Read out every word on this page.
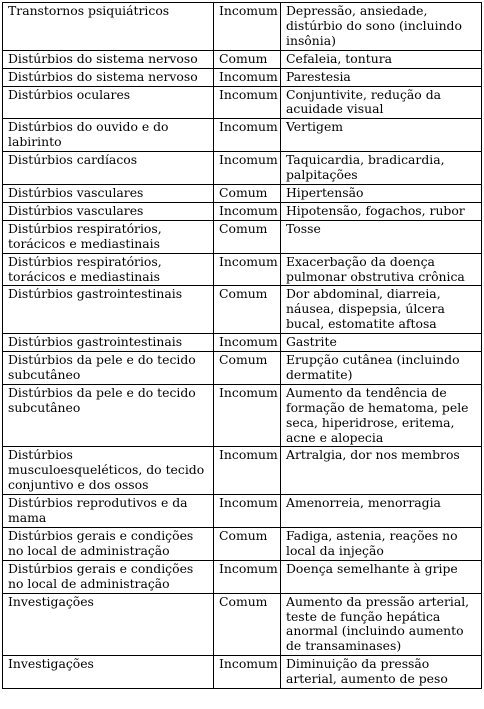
Transtornos psiquiátricos	Incomum	Depressão, ansiedade, distúrbio do sono (incluindo insônia)
Distúrbios do sistema nervoso	Comum	Cefaleia, tontura
Distúrbios do sistema nervoso	Incomum	Parestesia
Distúrbios oculares	Incomum	Conjuntivite, redução da acuidade visual
Distúrbios do ouvido e do labirinto	Incomum	Vertigem
Distúrbios cardíacos	Incomum	Taquicardia, bradicardia, palpitações
Distúrbios vasculares	Comum	Hipertensão
Distúrbios vasculares	Incomum	Hipotensão, fogachos, rubor
Distúrbios respiratórios, torácicos e mediastinais	Comum	Tosse
Distúrbios respiratórios, torácicos e mediastinais	Incomum	Exacerbação da doença pulmonar obstrutiva crônica
Distúrbios gastrointestinais	Comum	Dor abdominal, diarreia, náusea, dispepsia, úlcera bucal, estomatite aftosa
Distúrbios gastrointestinais	Incomum	Gastrite
Distúrbios da pele e do tecido subcutâneo	Comum	Erupção cutânea (incluindo dermatite)
Distúrbios da pele e do tecido subcutâneo	Incomum	Aumento da tendência de formação de hematoma, pele seca, hiperidrose, eritema, acne e alopecia
Distúrbios musculoesqueléticos, do tecido conjuntivo e dos ossos	Incomum	Artralgia, dor nos membros
Distúrbios reprodutivos e da mama	Incomum	Amenorreia, menorragia
Distúrbios gerais e condições no local de administração	Comum	Fadiga, astenia, reações no local da injeção
Distúrbios gerais e condições no local de administração	Incomum	Doença semelhante à gripe
Investigações	Comum	Aumento da pressão arterial, teste de função hepática anormal (incluindo aumento de transaminases)
Investigações	Incomum	Diminuição da pressão arterial, aumento de peso
